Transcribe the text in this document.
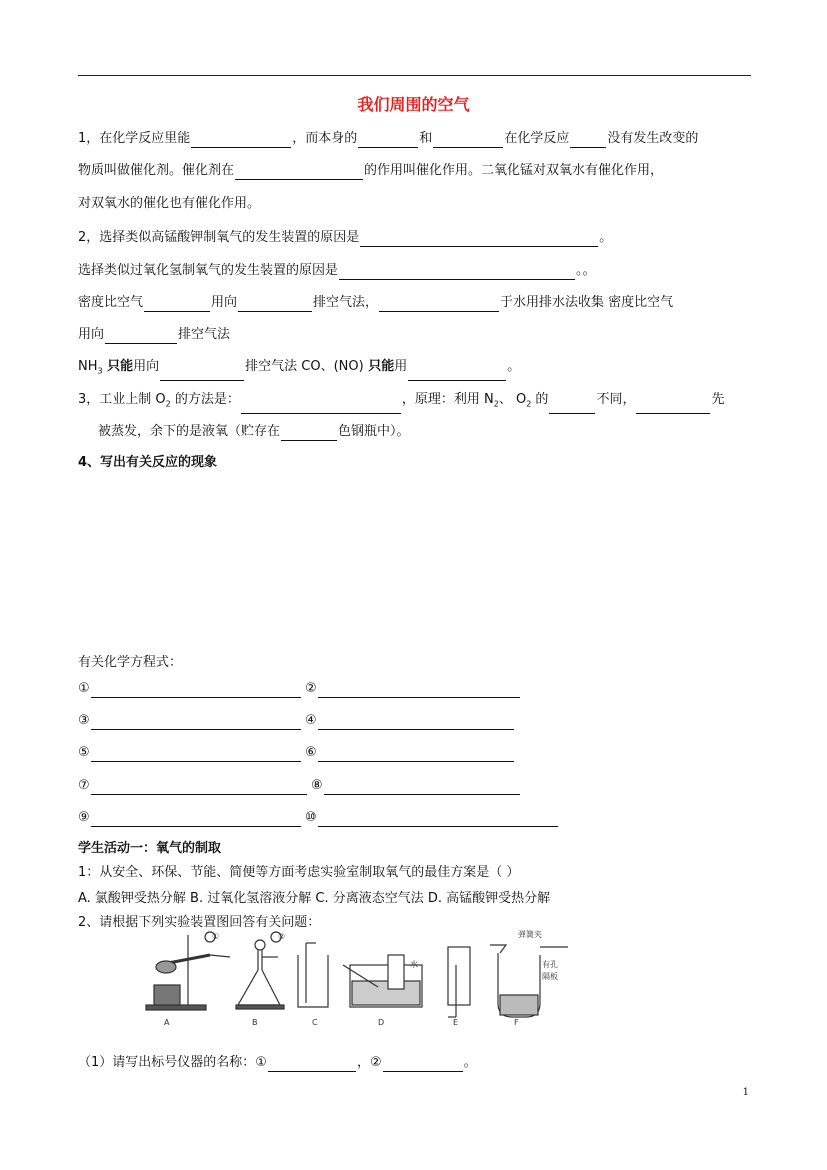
我们周围的空气
1，在化学反应里能	，而本身的	和	在化学反应	没有发生改变的
物质叫做催化剂。催化剂在	的作用叫催化作用。二氧化锰对双氧水有催化作用，
对双氧水的催化也有催化作用。
2，选择类似高锰酸钾制氧气的发生装置的原因是	。
选择类似过氧化氢制氧气的发生装置的原因是	。。
密度比空气	用向	排空气法，	于水用排水法收集 密度比空气
用向	排空气法
$NH_3$ 只能用向	排空气法 CO、(NO) 只能用	。
3，工业上制 $O_2$ 的方法是：	，原理：利用 $N_2$、 $O_2$ 的	不同，	先
被蒸发，余下的是液氧（贮存在	色钢瓶中）。
4、写出有关反应的现象
有关化学方程式：
①	②
③	④
⑤	⑥
⑦	⑧
⑨	⑩
学生活动一：氧气的制取
1：从安全、环保、节能、简便等方面考虑实验室制取氧气的最佳方案是（ ）
A. 氯酸钾受热分解 B. 过氧化氢溶液分解 C. 分离液态空气法 D. 高锰酸钾受热分解
2、请根据下列实验装置图回答有关问题：
①	②
水
弹簧夹
有孔
隔板
A	B	C	D	E	F
（1）请写出标号仪器的名称：①	，②	。
1
